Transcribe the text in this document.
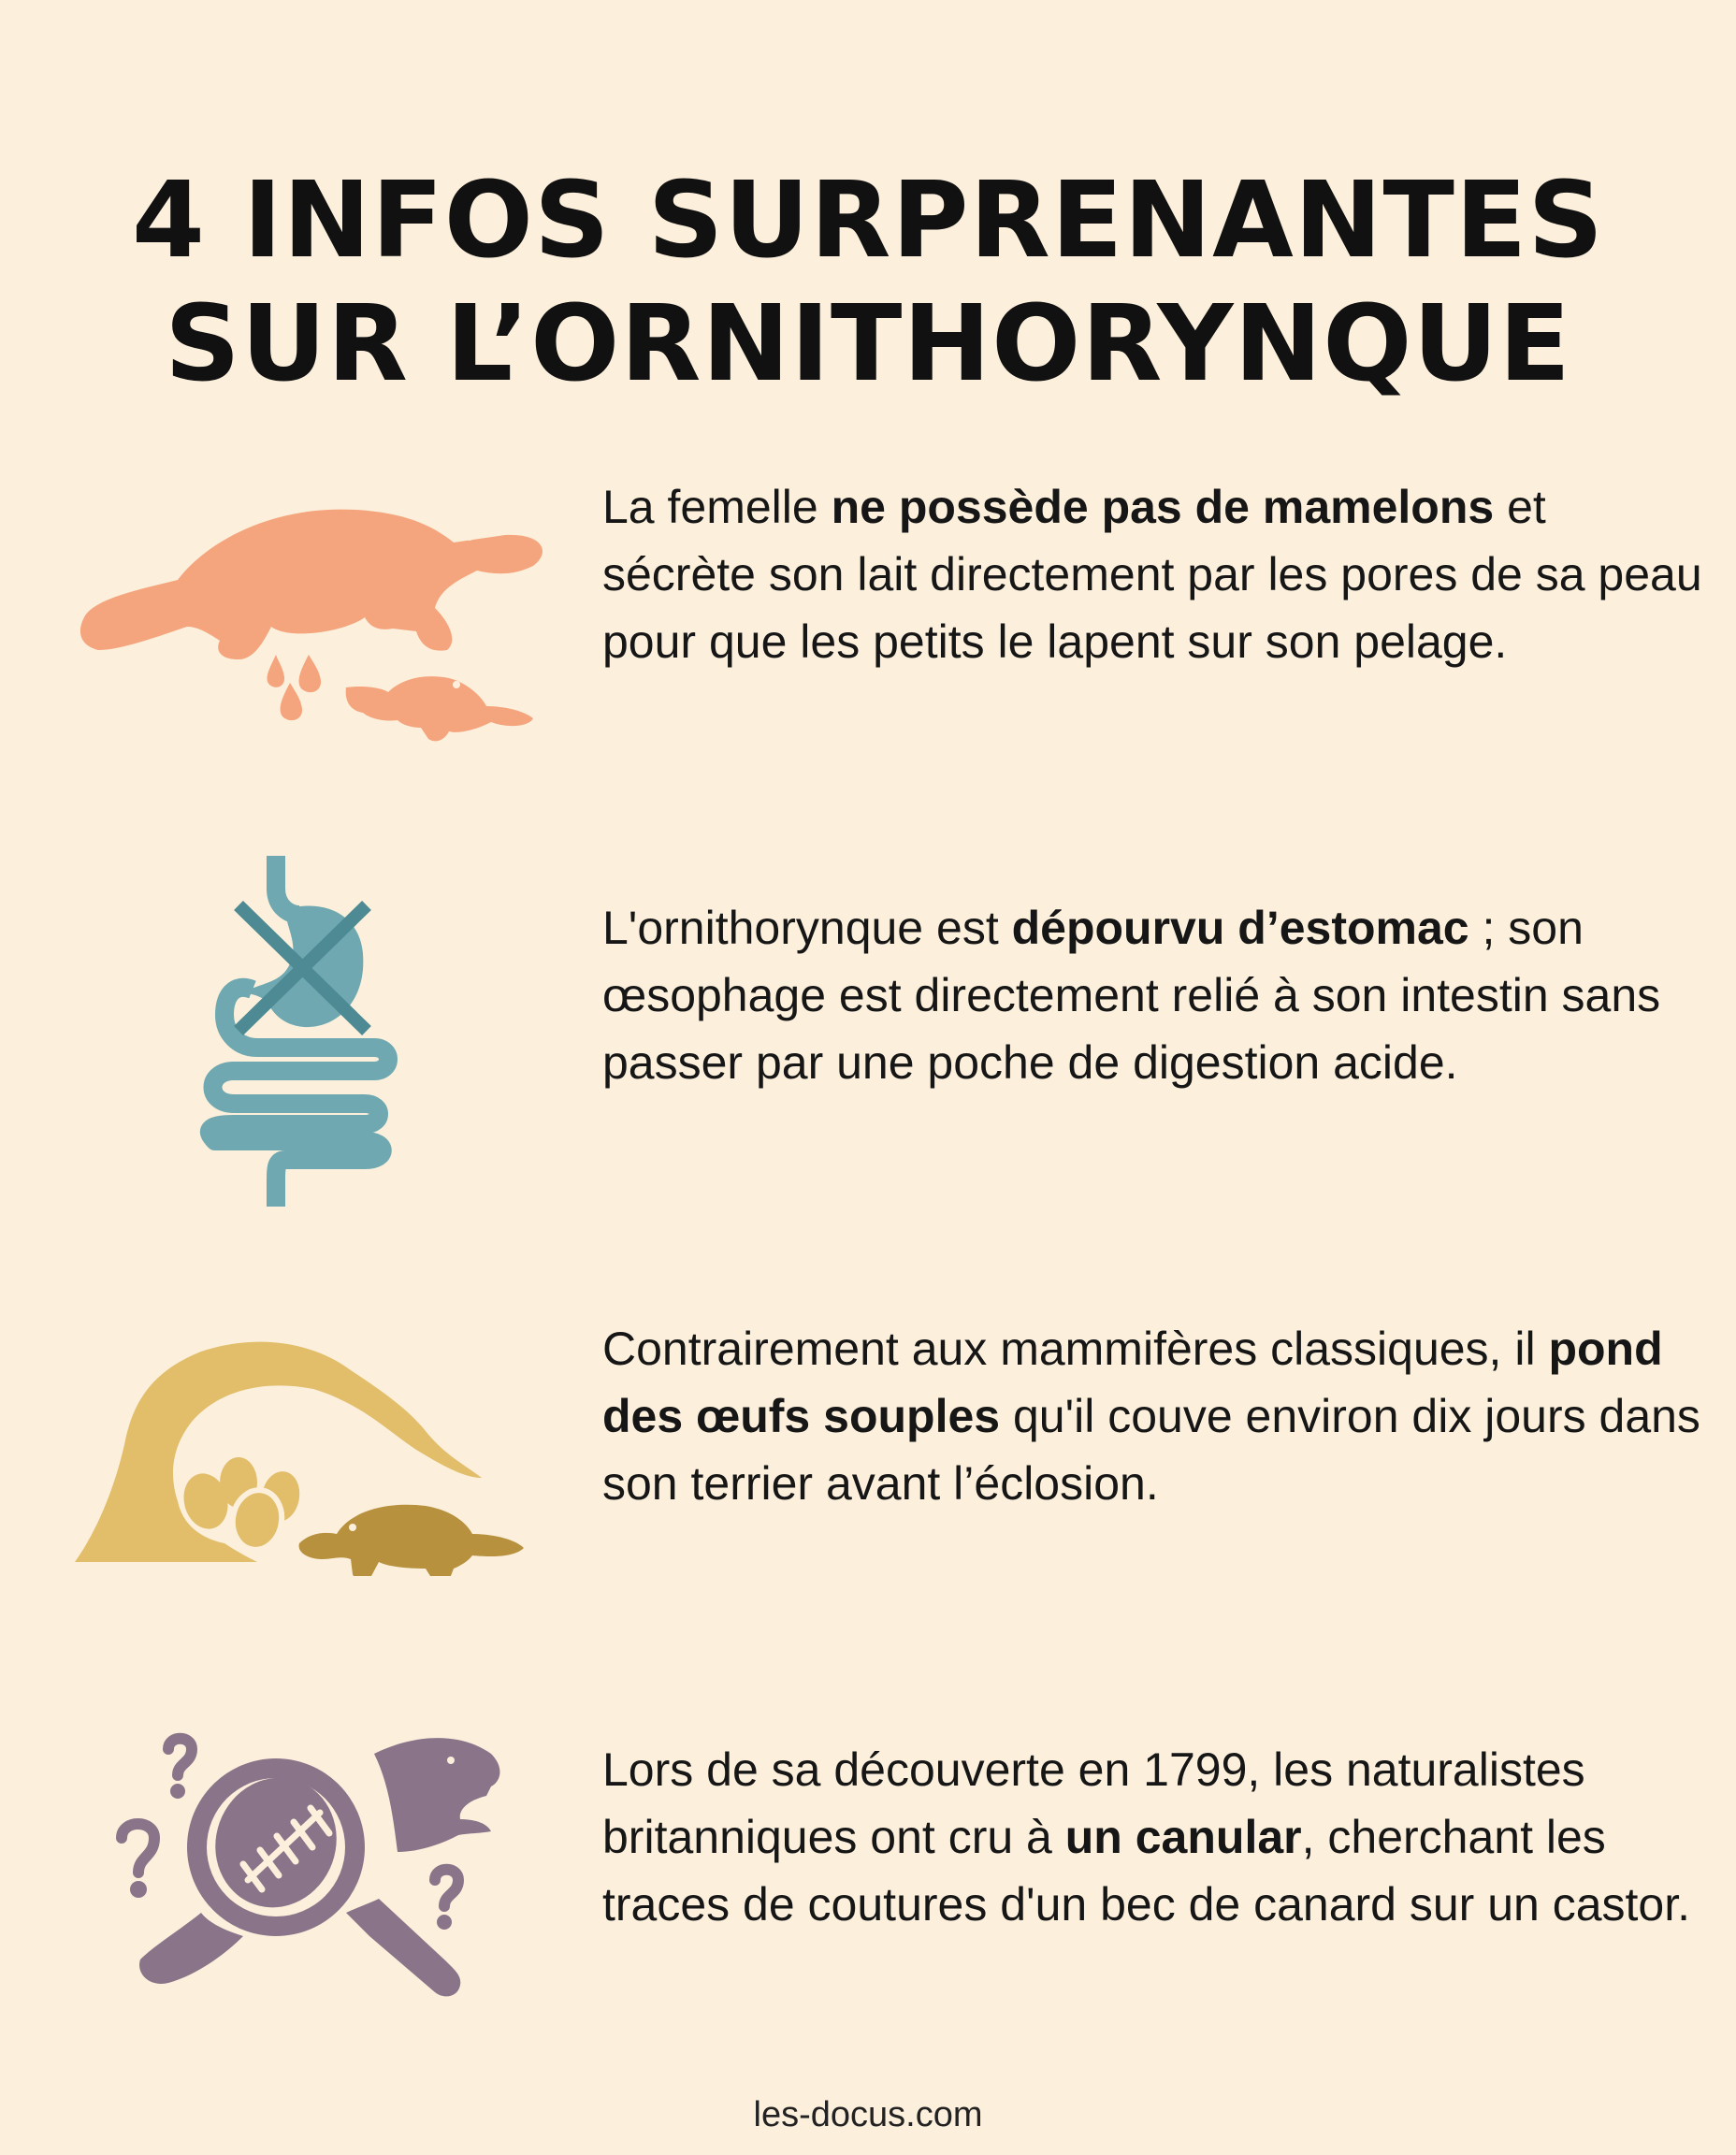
4 INFOS SURPRENANTES
SUR L’ORNITHORYNQUE
La femelle ne possède pas de mamelons et sécrète son lait directement par les pores de sa peau pour que les petits le lapent sur son pelage.
L'ornithorynque est dépourvu d’estomac ; son œsophage est directement relié à son intestin sans passer par une poche de digestion acide.
Contrairement aux mammifères classiques, il pond des œufs souples qu'il couve environ dix jours dans son terrier avant l’éclosion.
Lors de sa découverte en 1799, les naturalistes britanniques ont cru à un canular, cherchant les traces de coutures d'un bec de canard sur un castor.
les-docus.com
